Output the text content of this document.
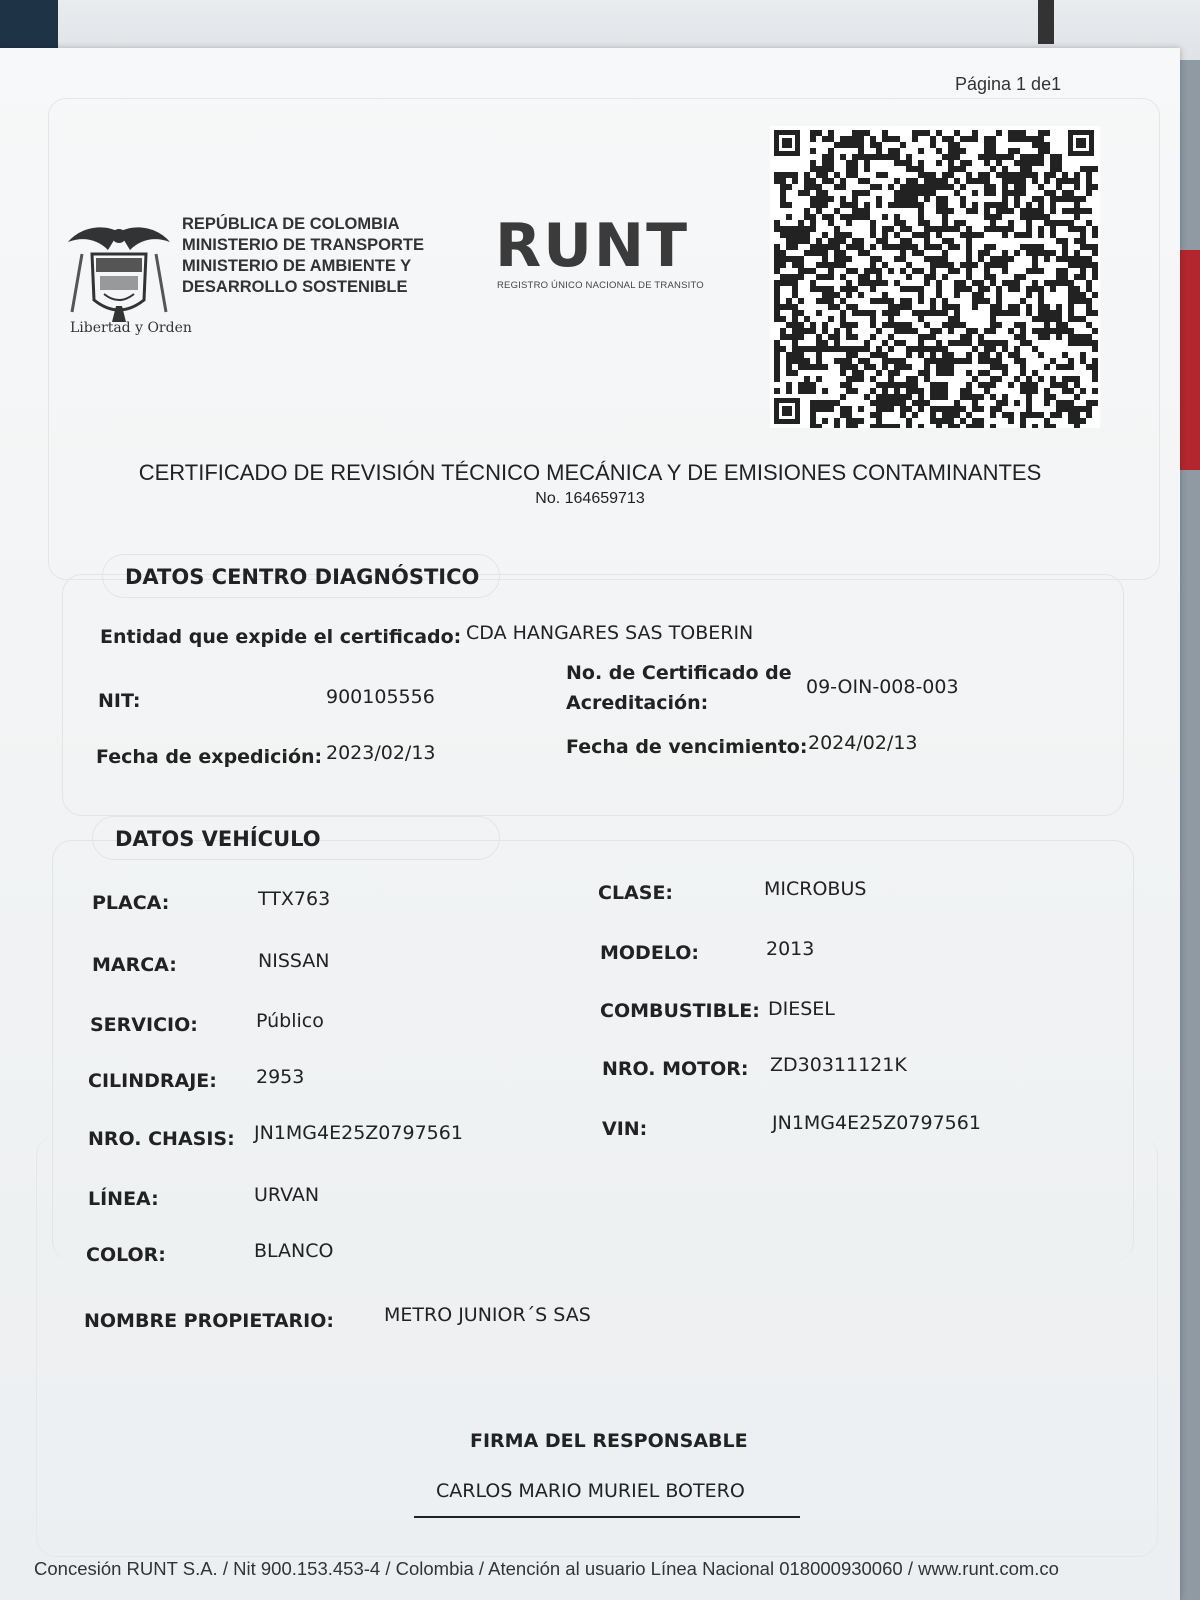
Página 1 de1
Libertad y Orden
REPÚBLICA DE COLOMBIA
MINISTERIO DE TRANSPORTE
MINISTERIO DE AMBIENTE Y
DESARROLLO SOSTENIBLE
RUNT
REGISTRO ÚNICO NACIONAL DE TRANSITO
CERTIFICADO DE REVISIÓN TÉCNICO MECÁNICA Y DE EMISIONES CONTAMINANTES
No. 164659713
DATOS CENTRO DIAGNÓSTICO
Entidad que expide el certificado: CDA HANGARES SAS TOBERIN
NIT:	900105556
No. de Certificado de
Acreditación:
09-OIN-008-003
Fecha de expedición: 2023/02/13	Fecha de vencimiento: 2024/02/13
DATOS VEHÍCULO
PLACA:	TTX763	CLASE:	MICROBUS
MARCA:	NISSAN	MODELO:	2013
SERVICIO:	Público	COMBUSTIBLE: DIESEL
CILINDRAJE: 2953	NRO. MOTOR: ZD30311121K
NRO. CHASIS: JN1MG4E25Z0797561	VIN:	JN1MG4E25Z0797561
LÍNEA:	URVAN
COLOR:	BLANCO
NOMBRE PROPIETARIO:	METRO JUNIOR´S SAS
FIRMA DEL RESPONSABLE
CARLOS MARIO MURIEL BOTERO
Concesión RUNT S.A. / Nit 900.153.453-4 / Colombia / Atención al usuario Línea Nacional 018000930060 / www.runt.com.co
